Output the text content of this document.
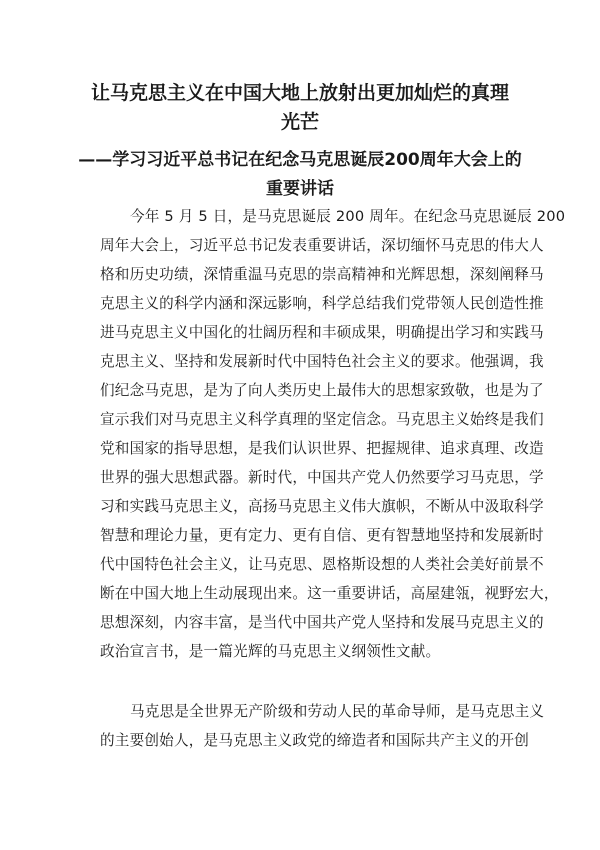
让马克思主义在中国大地上放射出更加灿烂的真理
光芒
——学习习近平总书记在纪念马克思诞辰200周年大会上的
重要讲话
今年 5 月 5 日，是马克思诞辰 200 周年。在纪念马克思诞辰 200
周年大会上，习近平总书记发表重要讲话，深切缅怀马克思的伟大人
格和历史功绩，深情重温马克思的崇高精神和光辉思想，深刻阐释马
克思主义的科学内涵和深远影响，科学总结我们党带领人民创造性推
进马克思主义中国化的壮阔历程和丰硕成果，明确提出学习和实践马
克思主义、坚持和发展新时代中国特色社会主义的要求。他强调，我
们纪念马克思，是为了向人类历史上最伟大的思想家致敬，也是为了
宣示我们对马克思主义科学真理的坚定信念。马克思主义始终是我们
党和国家的指导思想，是我们认识世界、把握规律、追求真理、改造
世界的强大思想武器。新时代，中国共产党人仍然要学习马克思，学
习和实践马克思主义，高扬马克思主义伟大旗帜，不断从中汲取科学
智慧和理论力量，更有定力、更有自信、更有智慧地坚持和发展新时
代中国特色社会主义，让马克思、恩格斯设想的人类社会美好前景不
断在中国大地上生动展现出来。这一重要讲话，高屋建瓴，视野宏大，
思想深刻，内容丰富，是当代中国共产党人坚持和发展马克思主义的
政治宣言书，是一篇光辉的马克思主义纲领性文献。
马克思是全世界无产阶级和劳动人民的革命导师，是马克思主义
的主要创始人，是马克思主义政党的缔造者和国际共产主义的开创
